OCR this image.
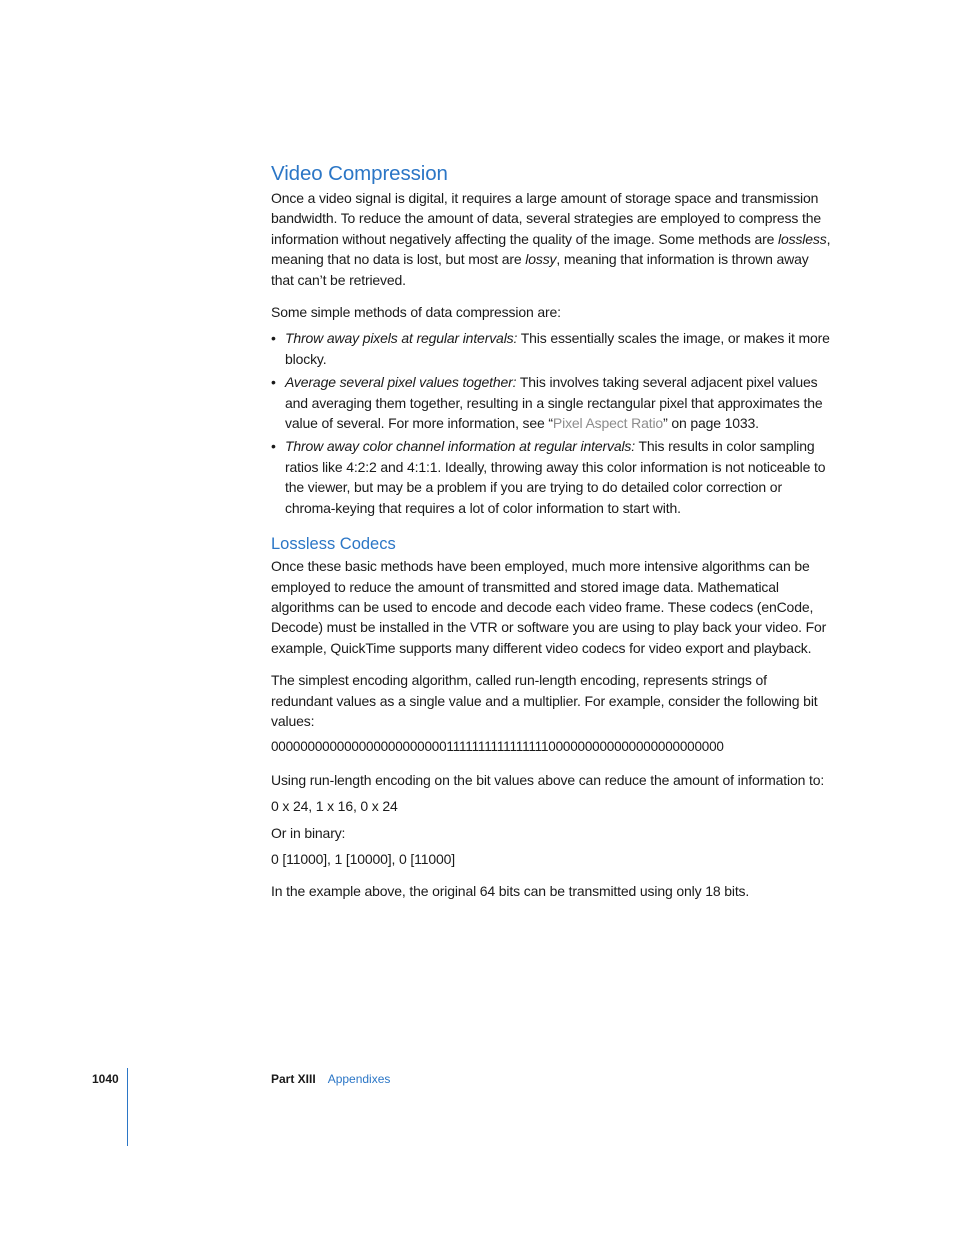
Video Compression

Once a video signal is digital, it requires a large amount of storage space and transmission bandwidth. To reduce the amount of data, several strategies are employed to compress the information without negatively affecting the quality of the image. Some methods are lossless, meaning that no data is lost, but most are lossy, meaning that information is thrown away that can’t be retrieved.

Some simple methods of data compression are:

• Throw away pixels at regular intervals: This essentially scales the image, or makes it more blocky.
• Average several pixel values together: This involves taking several adjacent pixel values and averaging them together, resulting in a single rectangular pixel that approximates the value of several. For more information, see “Pixel Aspect Ratio” on page 1033.
• Throw away color channel information at regular intervals: This results in color sampling ratios like 4:2:2 and 4:1:1. Ideally, throwing away this color information is not noticeable to the viewer, but may be a problem if you are trying to do detailed color correction or chroma-keying that requires a lot of color information to start with.
Lossless Codecs

Once these basic methods have been employed, much more intensive algorithms can be employed to reduce the amount of transmitted and stored image data. Mathematical algorithms can be used to encode and decode each video frame. These codecs (enCode, Decode) must be installed in the VTR or software you are using to play back your video. For example, QuickTime supports many different video codecs for video export and playback.

The simplest encoding algorithm, called run-length encoding, represents strings of redundant values as a single value and a multiplier. For example, consider the following bit values:

0000000000000000000000001111111111111111000000000000000000000000

Using run-length encoding on the bit values above can reduce the amount of information to:

0 x 24, 1 x 16, 0 x 24

Or in binary:

0 [11000], 1 [10000], 0 [11000]

In the example above, the original 64 bits can be transmitted using only 18 bits.

1040	Part XIII Appendixes
